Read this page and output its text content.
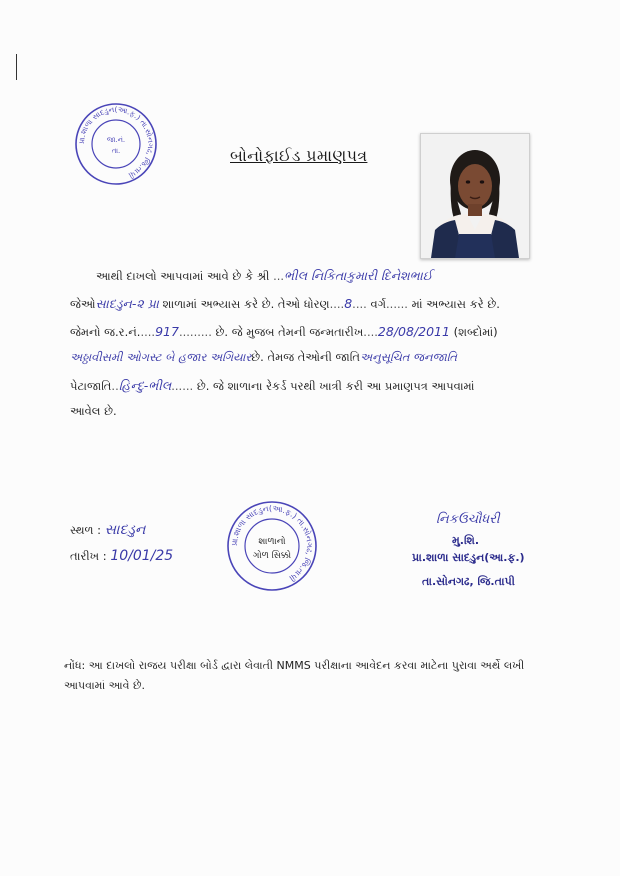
પ્રા.શાળા સાદડુન(આ.ફ.) તા.સોનગઢ, જિ.તાપી
જા.નં.
તા.	બોનોફાઈડ પ્રમાણપત્ર
આથી દાખલો આપવામાં આવે છે કે શ્રી ...ભીલ નિકિતાકુમારી દિનેશભાઈ
જેઓસાદડુન-૨ પ્રા શાળામાં અભ્યાસ કરે છે. તેઓ ધોરણ....8.... વર્ગ...... માં અભ્યાસ કરે છે.
જેમનો જ.ર.નં.....917......... છે. જે મુજબ તેમની જન્મતારીખ....28/08/2011 (શબ્દોમાં)
અઠ્ઠાવીસમી ઓગસ્ટ બે હજાર અગિયારછે. તેમજ તેઓની જાતિઅનુસૂચિત જનજાતિ
પેટાજાતિ..હિન્દુ-ભીલ...... છે. જે શાળાના રેકર્ડ પરથી ખાત્રી કરી આ પ્રમાણપત્ર આપવામાં
આવેલ છે.
સ્થળ : સાદડુન
તારીખ : 10/01/25
પ્રા.શાળા સાદડુન(આ.ફ.) તા.સોનગઢ, જિ.તાપી
શાળાનો
ગોળ સિક્કો
નિકઉચૌધરી
મુ.શિ.
પ્રા.શાળા સાદડુન(આ.ફ.)
તા.સોનગઢ, જિ.તાપી
નોંધ: આ દાખલો રાજય પરીક્ષા બોર્ડ દ્વારા લેવાતી NMMS પરીક્ષાના આવેદન કરવા માટેના પુરાવા અર્થે લખી
આપવામાં આવે છે.
